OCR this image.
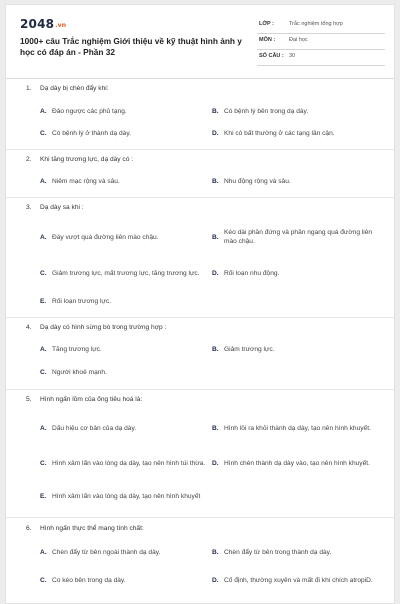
2048.vn
1000+ câu Trắc nghiệm Giới thiệu về kỹ thuật hình ảnh y học có đáp án - Phần 32
LỚP :	Trắc nghiệm tổng hợp
MÔN :	Đại học
SỐ CÂU : 30
1. Dạ dày bị chèn đẩy khi:
A. Đảo ngược các phủ tạng.	B. Có bệnh lý bên trong dạ dày.
C. Có bệnh lý ở thành dạ dày.	D. Khi có bất thường ở các tạng lân cận.
2. Khi tăng trương lực, dạ dày có :
A. Niêm mạc rộng và sâu.	B. Nhu động rộng và sâu.
3. Dạ dày sa khi :
A. Đáy vượt quá đường liên mào chậu.	B.
Kéo dài phần đứng và phần ngang quá đường liên mào chậu.
C. Giảm trương lực, mất trương lực, tăng trương lực. D. Rối loạn nhu động.
E. Rối loạn trương lực.
4. Dạ dày có hình sừng bò trong trường hợp :
A. Tăng trương lực.	B. Giảm trương lực.
C. Người khoẻ mạnh.
5. Hình ngấn lồm của ống tiêu hoá là:
A. Dấu hiệu cơ bản của dạ dày.	B. Hình lồi ra khỏi thành dạ dày, tạo nên hình khuyết.
C. Hình xâm lấn vào lòng dạ dày, tạo nên hình túi thừa. D. Hình chèn thành dạ dày vào, tạo nên hình khuyết.
E. Hình xâm lấn vào lòng dạ dày, tạo nên hình khuyết
6. Hình ngấn thực thể mang tính chất:
A. Chèn đẩy từ bên ngoài thành dạ dày.	B. Chèn đẩy từ bên trong thành dạ dày.
C. Co kéo bên trong dạ dày.	D. Cố định, thường xuyên và mất đi khi chích atropiD.
